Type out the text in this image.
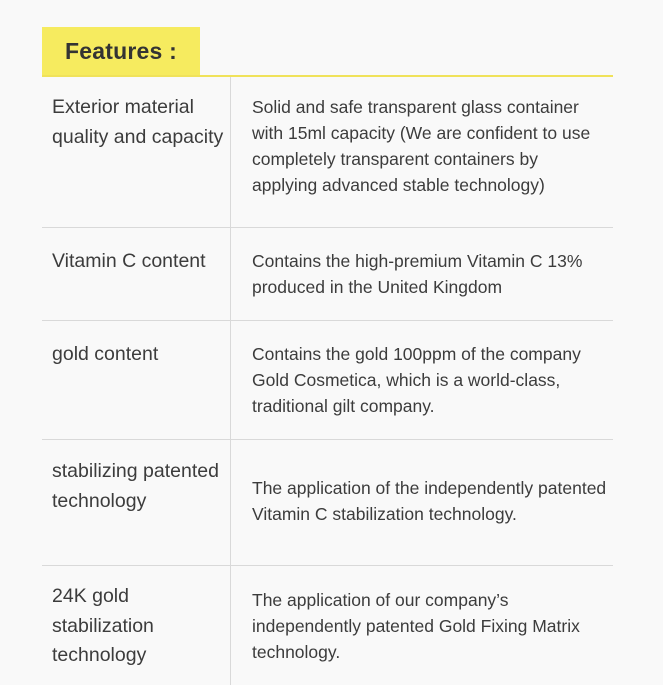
Features :
Exterior material quality and capacity
Solid and safe transparent glass container with 15ml capacity (We are confident to use completely transparent containers by applying advanced stable technology)
Vitamin C content	Contains the high-premium Vitamin C 13% produced in the United Kingdom
gold content	Contains the gold 100ppm of the company Gold Cosmetica, which is a world-class, traditional gilt company.
stabilizing patented technology
The application of the independently patented Vitamin C stabilization technology.
24K gold stabilization technology
The application of our company’s independently patented Gold Fixing Matrix technology.
